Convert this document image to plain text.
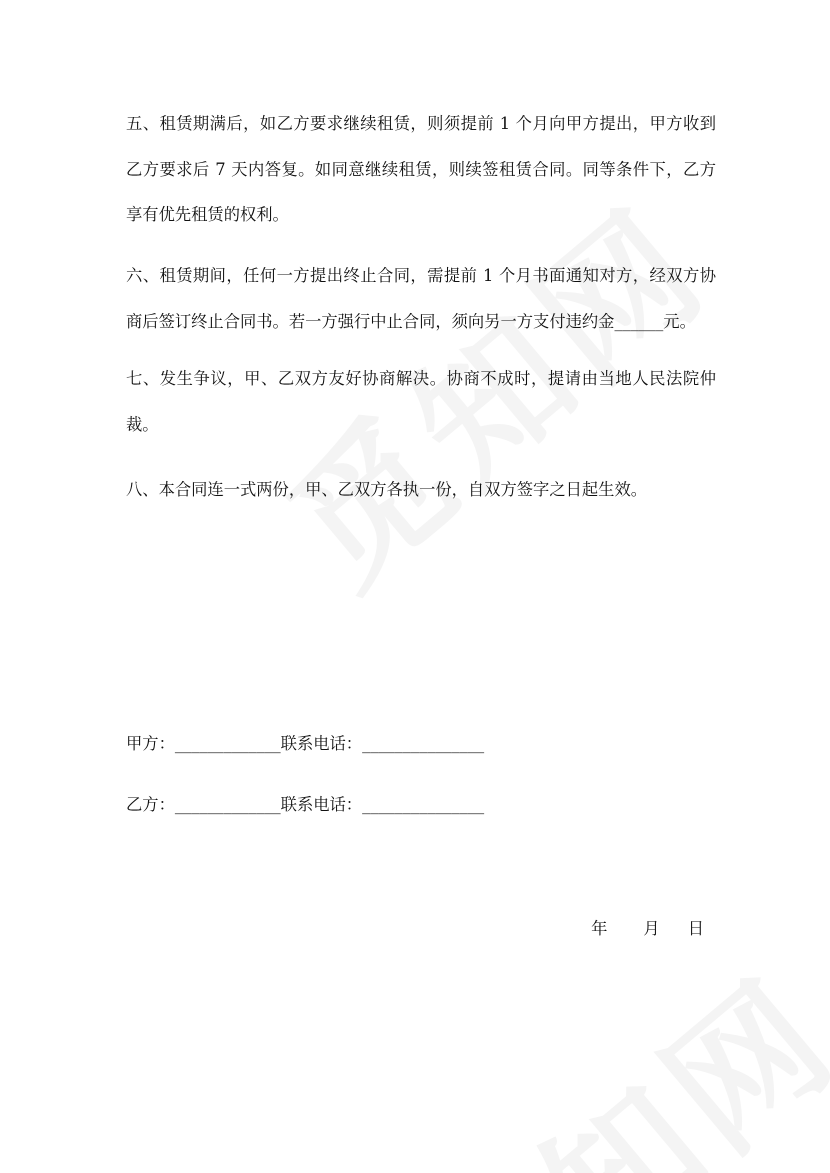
五、租赁期满后，如乙方要求继续租赁，则须提前 1 个月向甲方提出，甲方收到乙方要求后 7 天内答复。如同意继续租赁，则续签租赁合同。同等条件下，乙方享有优先租赁的权利。

六、租赁期间，任何一方提出终止合同，需提前 1 个月书面通知对方，经双方协商后签订终止合同书。若一方强行中止合同，须向另一方支付违约金______元。

七、发生争议，甲、乙双方友好协商解决。协商不成时，提请由当地人民法院仲裁。

八、本合同连一式两份，甲、乙双方各执一份，自双方签字之日起生效。

甲方：_____________联系电话：_______________
乙方：_____________联系电话：_______________
年 月 日
